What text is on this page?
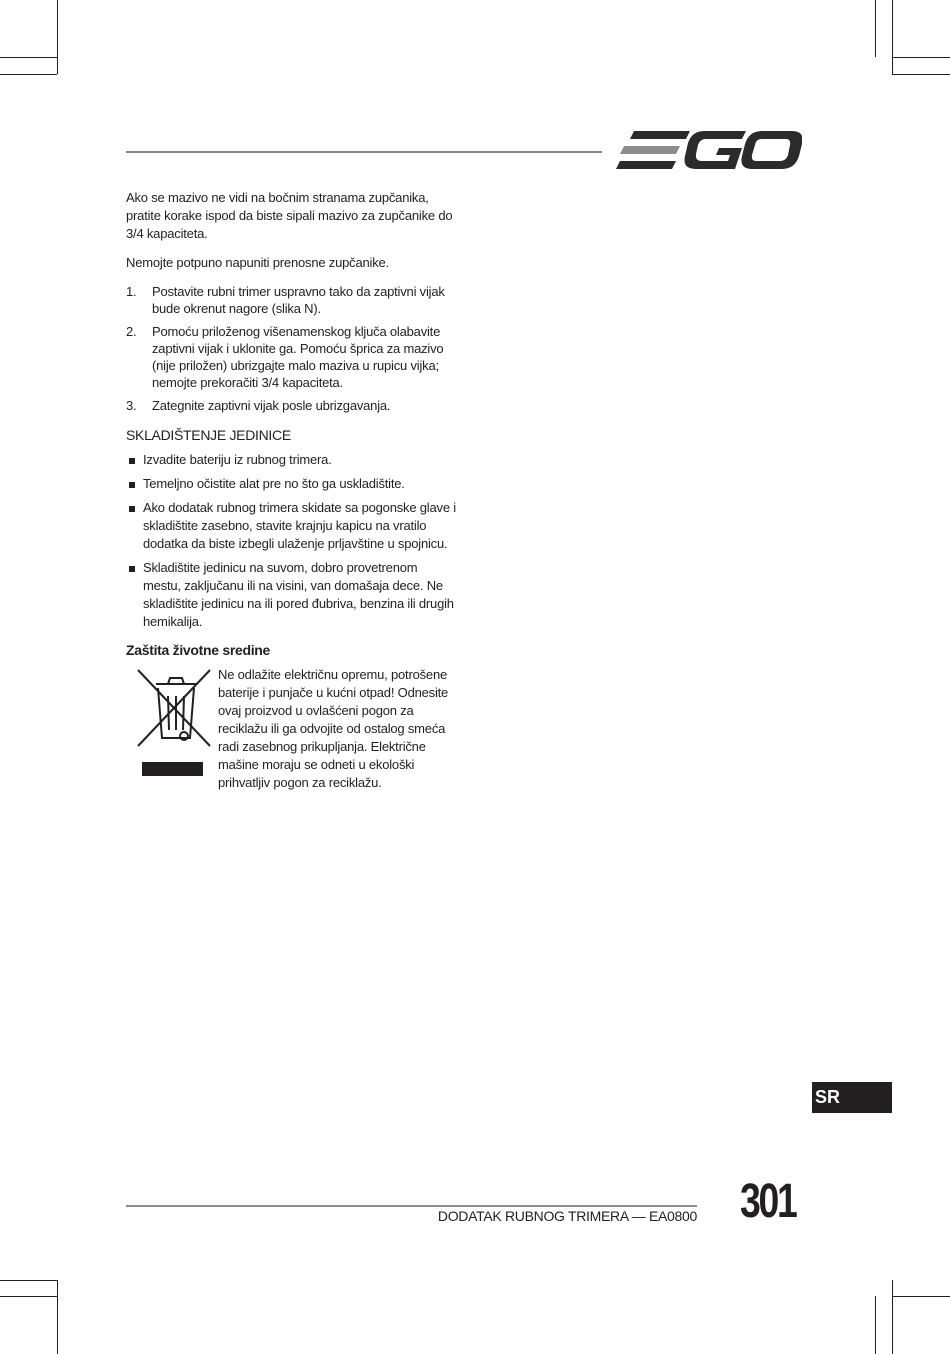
Ako se mazivo ne vidi na bočnim stranama zupčanika, pratite korake ispod da biste sipali mazivo za zupčanike do 3/4 kapaciteta.

Nemojte potpuno napuniti prenosne zupčanike.

1. Postavite rubni trimer uspravno tako da zaptivni vijak bude okrenut nagore (slika N).
2. Pomoću priloženog višenamenskog ključa olabavite zaptivni vijak i uklonite ga. Pomoću šprica za mazivo (nije priložen) ubrizgajte malo maziva u rupicu vijka; nemojte prekoračiti 3/4 kapaciteta.
3. Zategnite zaptivni vijak posle ubrizgavanja.
SKLADIŠTENJE JEDINICE
Izvadite bateriju iz rubnog trimera.
Temeljno očistite alat pre no što ga uskladištite.
Ako dodatak rubnog trimera skidate sa pogonske glave i skladištite zasebno, stavite krajnju kapicu na vratilo dodatka da biste izbegli ulaženje prljavštine u spojnicu.
Skladištite jedinicu na suvom, dobro provetrenom mestu, zaključanu ili na visini, van domašaja dece. Ne skladištite jedinicu na ili pored đubriva, benzina ili drugih hemikalija.
Zaštita životne sredine
Ne odlažite električnu opremu, potrošene baterije i punjače u kućni otpad! Odnesite ovaj proizvod u ovlašćeni pogon za reciklažu ili ga odvojite od ostalog smeća radi zasebnog prikupljanja. Električne mašine moraju se odneti u ekološki prihvatljiv pogon za reciklažu.
SR
DODATAK RUBNOG TRIMERA — EA0800 301
